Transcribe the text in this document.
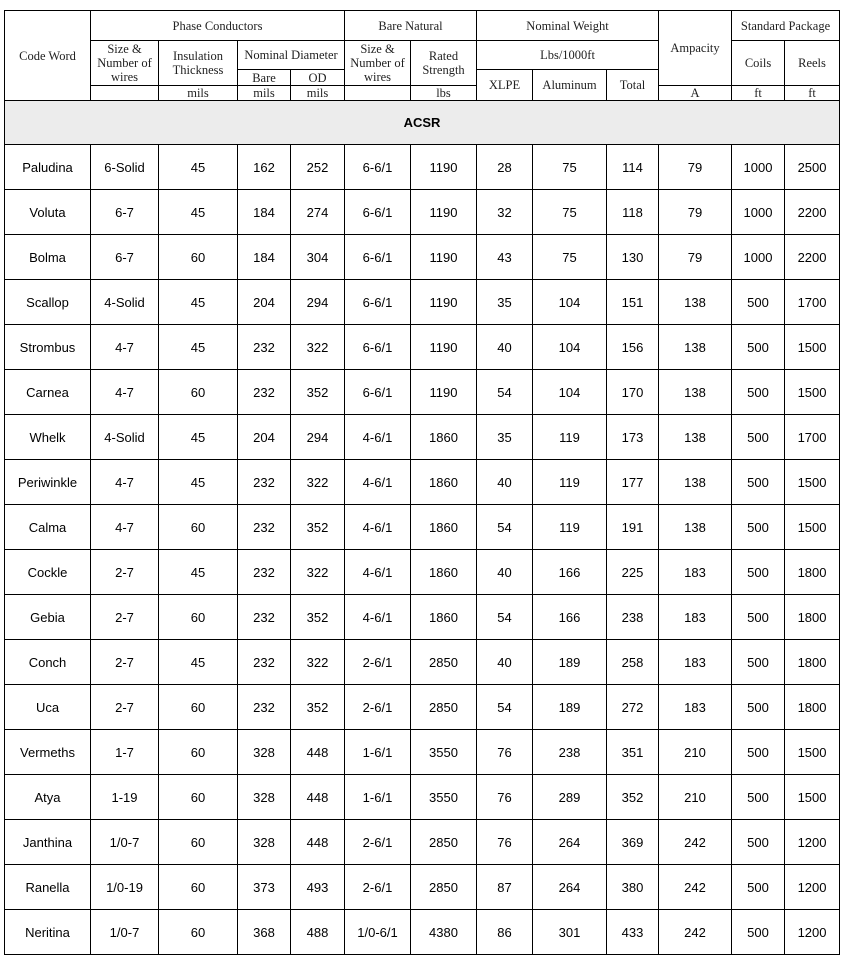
Code Word	Phase Conductors				Bare Natural		Nominal Weight			Ampacity	Standard Package	
	Size & Number of wires	Insulation Thickness	Nominal Diameter		Size & Number of wires	Rated Strength	Lbs/1000ft				Coils	Reels
			Bare	OD			XLPE	Aluminum	Total			
		mils	mils	mils		lbs				A	ft	ft
ACSR												
Paludina	6-Solid	45	162	252	6-6/1	1190	28	75	114	79	1000	2500
Voluta	6-7	45	184	274	6-6/1	1190	32	75	118	79	1000	2200
Bolma	6-7	60	184	304	6-6/1	1190	43	75	130	79	1000	2200
Scallop	4-Solid	45	204	294	6-6/1	1190	35	104	151	138	500	1700
Strombus	4-7	45	232	322	6-6/1	1190	40	104	156	138	500	1500
Carnea	4-7	60	232	352	6-6/1	1190	54	104	170	138	500	1500
Whelk	4-Solid	45	204	294	4-6/1	1860	35	119	173	138	500	1700
Periwinkle	4-7	45	232	322	4-6/1	1860	40	119	177	138	500	1500
Calma	4-7	60	232	352	4-6/1	1860	54	119	191	138	500	1500
Cockle	2-7	45	232	322	4-6/1	1860	40	166	225	183	500	1800
Gebia	2-7	60	232	352	4-6/1	1860	54	166	238	183	500	1800
Conch	2-7	45	232	322	2-6/1	2850	40	189	258	183	500	1800
Uca	2-7	60	232	352	2-6/1	2850	54	189	272	183	500	1800
Vermeths	1-7	60	328	448	1-6/1	3550	76	238	351	210	500	1500
Atya	1-19	60	328	448	1-6/1	3550	76	289	352	210	500	1500
Janthina	1/0-7	60	328	448	2-6/1	2850	76	264	369	242	500	1200
Ranella	1/0-19	60	373	493	2-6/1	2850	87	264	380	242	500	1200
Neritina	1/0-7	60	368	488	1/0-6/1	4380	86	301	433	242	500	1200
